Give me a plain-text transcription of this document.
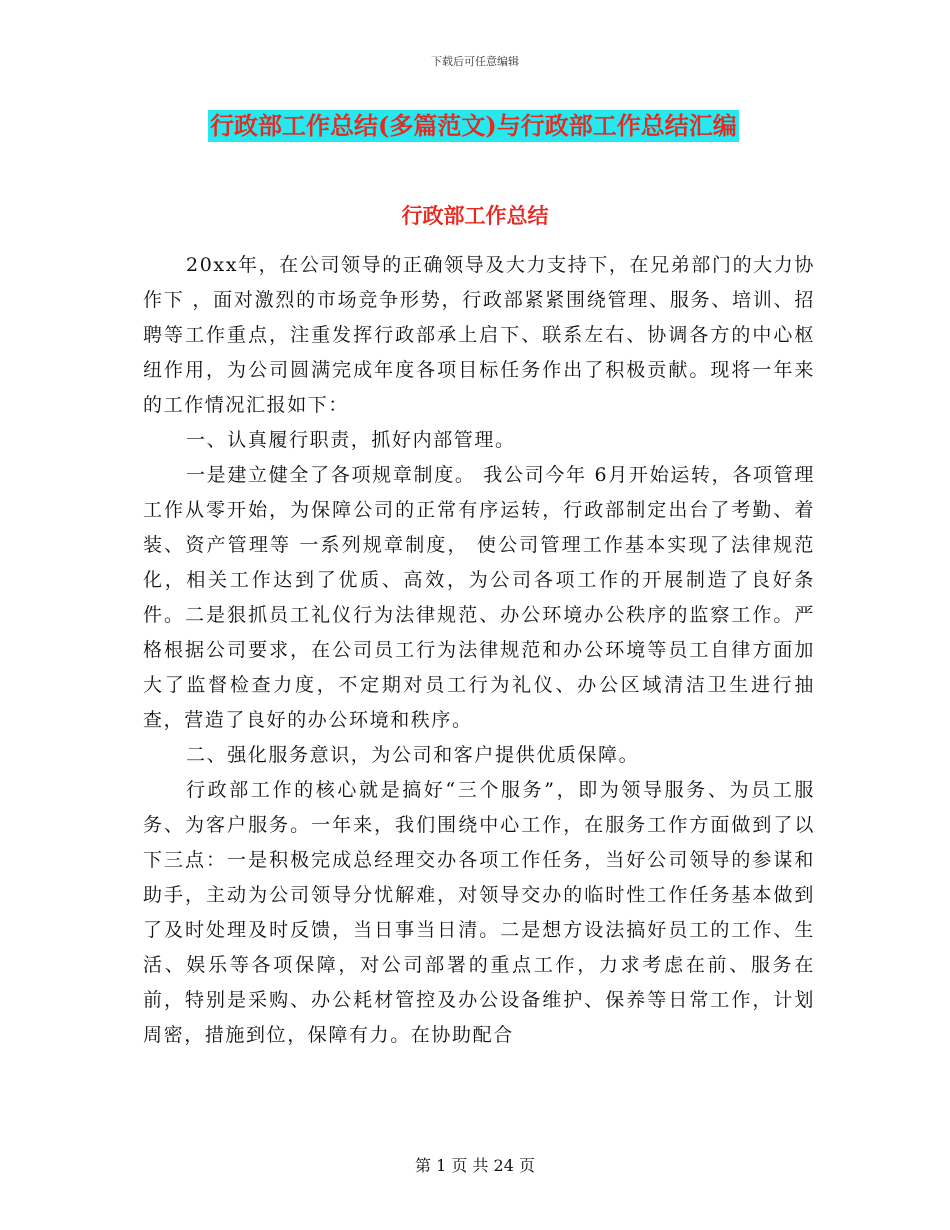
下载后可任意编辑
行政部工作总结(多篇范文)与行政部工作总结汇编
行政部工作总结

20xx年，在公司领导的正确领导及大力支持下，在兄弟部门的大力协作下 ，面对激烈的市场竞争形势，行政部紧紧围绕管理、服务、培训、招聘等工作重点，注重发挥行政部承上启下、联系左右、协调各方的中心枢纽作用，为公司圆满完成年度各项目标任务作出了积极贡献。现将一年来的工作情况汇报如下：

一、认真履行职责，抓好内部管理。

一是建立健全了各项规章制度。 我公司今年 6月开始运转，各项管理工作从零开始，为保障公司的正常有序运转，行政部制定出台了考勤、着装、资产管理等 一系列规章制度， 使公司管理工作基本实现了法律规范化，相关工作达到了优质、高效，为公司各项工作的开展制造了良好条件。二是狠抓员工礼仪行为法律规范、办公环境办公秩序的监察工作。严格根据公司要求，在公司员工行为法律规范和办公环境等员工自律方面加大了监督检查力度，不定期对员工行为礼仪、办公区域清洁卫生进行抽查，营造了良好的办公环境和秩序。

二、强化服务意识，为公司和客户提供优质保障。

行政部工作的核心就是搞好“三个服务”，即为领导服务、为员工服务、为客户服务。一年来，我们围绕中心工作，在服务工作方面做到了以下三点：一是积极完成总经理交办各项工作任务，当好公司领导的参谋和助手，主动为公司领导分忧解难，对领导交办的临时性工作任务基本做到了及时处理及时反馈，当日事当日清。二是想方设法搞好员工的工作、生活、娱乐等各项保障，对公司部署的重点工作，力求考虑在前、服务在前，特别是采购、办公耗材管控及办公设备维护、保养等日常工作，计划周密，措施到位，保障有力。在协助配合

第 1 页 共 24 页
